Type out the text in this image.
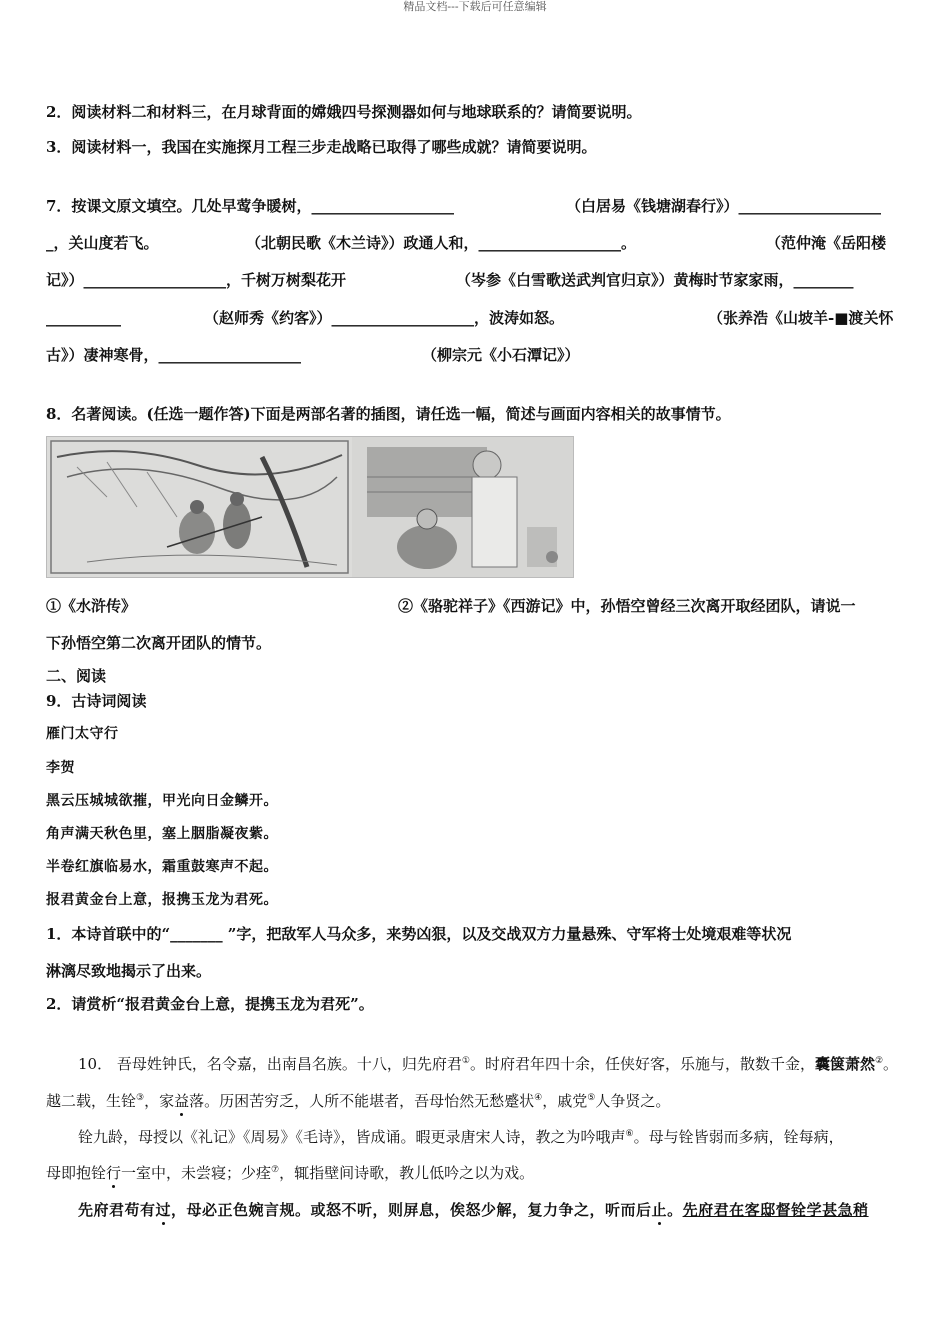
精品文档---下载后可任意编辑
2．阅读材料二和材料三，在月球背面的嫦娥四号探测器如何与地球联系的？请简要说明。
3．阅读材料一，我国在实施探月工程三步走战略已取得了哪些成就？请简要说明。
7．按课文原文填空。几处早莺争暖树，___________________	（白居易《钱塘湖春行》）___________________
_，关山度若飞。	（北朝民歌《木兰诗》）政通人和，___________________。	（范仲淹《岳阳楼
记》）___________________，千树万树梨花开	（岑参《白雪歌送武判官归京》）黄梅时节家家雨，________
__________	（赵师秀《约客》）___________________，波涛如怒。	（张养浩《山坡羊-■渡关怀
古》）凄神寒骨，___________________	（柳宗元《小石潭记》）
8．名著阅读。(任选一题作答)下面是两部名著的插图，请任选一幅，简述与画面内容相关的故事情节。
①《水浒传》	②《骆驼祥子》《西游记》中，孙悟空曾经三次离开取经团队，请说一
下孙悟空第二次离开团队的情节。
二、阅读
9．古诗词阅读
雁门太守行
李贺
黑云压城城欲摧，甲光向日金鳞开。
角声满天秋色里，塞上胭脂凝夜紫。
半卷红旗临易水，霜重鼓寒声不起。
报君黄金台上意，报携玉龙为君死。
1．本诗首联中的“_______ ”字，把敌军人马众多，来势凶狠，以及交战双方力量悬殊、守军将士处境艰难等状况
淋漓尽致地揭示了出来。
2．请赏析“报君黄金台上意，提携玉龙为君死”。
10． 吾母姓钟氏，名令嘉，出南昌名族。十八，归先府君①。时府君年四十余，任侠好客，乐施与，散数千金，囊箧萧然②。
越二载，生铨③，家益落。历困苦穷乏，人所不能堪者，吾母怡然无愁蹙状④，戚党⑤人争贤之。
铨九龄，母授以《礼记》《周易》《毛诗》，皆成诵。暇更录唐宋人诗，教之为吟哦声⑥。母与铨皆弱而多病，铨每病，
母即抱铨行一室中，未尝寝；少痊⑦，辄指壁间诗歌，教儿低吟之以为戏。
先府君苟有过，母必正色婉言规。或怒不听，则屏息，俟怒少解，复力争之，听而后止。先府君在客邸督铨学甚急稍
